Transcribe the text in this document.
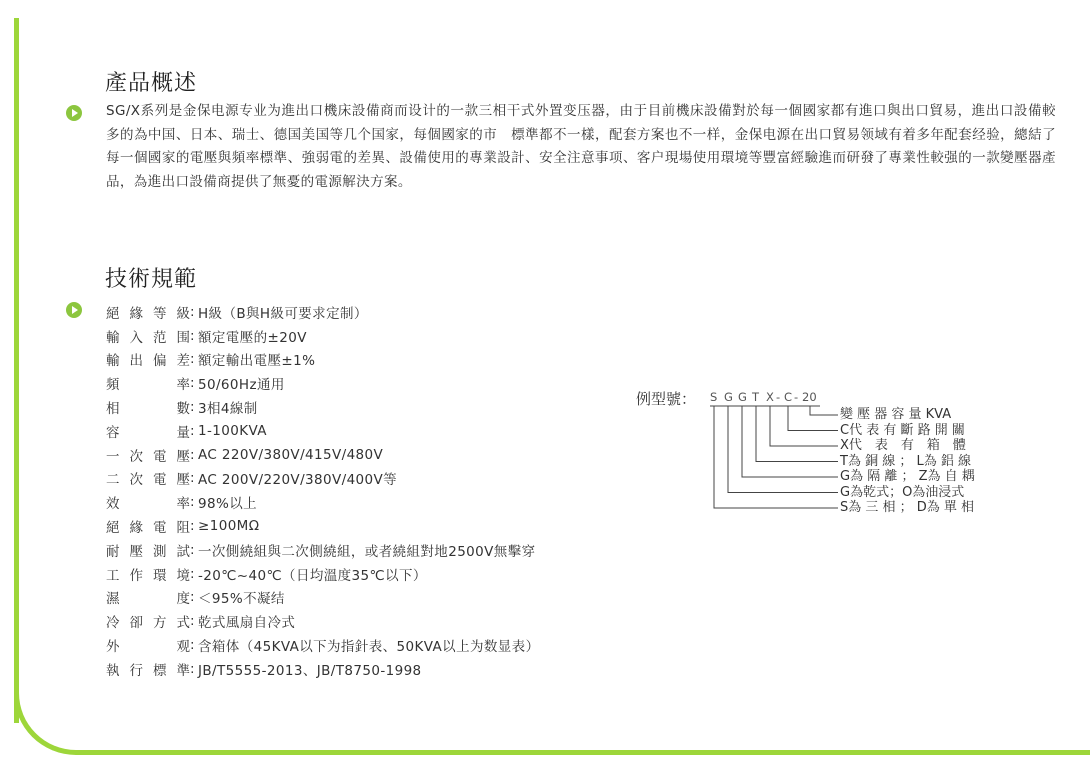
產品概述
SG/X系列是金保电源专业为進出口機床設備商而设计的一款三相干式外置变压器，由于目前機床設備對於每一個國家都有進口與出口貿易，進出口設備較多的為中国、日本、瑞士、德国美国等几个国家，每個國家的市　標準都不一樣，配套方案也不一样，金保电源在出口貿易领域有着多年配套经验，總結了每一個國家的電壓與頻率標準、強弱電的差異、設備使用的專業設計、安全注意事项、客户現場使用環境等豐富經驗進而研發了專業性較强的一款變壓器產品，為進出口設備商提供了無憂的電源解決方案。
技術規範
絕 緣 等 級 : H級（B與H級可要求定制）
輸 入 范 围 : 額定電壓的±20V
輸 出 偏 差 : 額定輸出電壓±1%
頻	率 : 50/60Hz通用
相	數 : 3相4線制
容	量 : 1-100KVA
一 次 電 壓 : AC 220V/380V/415V/480V
二 次 電 壓 : AC 200V/220V/380V/400V等
效	率 : 98%以上
絕 緣 電 阻 : ≥100MΩ
耐 壓 測 試 : 一次側繞組與二次側繞組，或者繞組對地2500V無擊穿
工 作 環 境 : -20℃~40℃（日均溫度35℃以下）
濕	度 : ＜95%不凝结
冷 卻 方 式 : 乾式風扇自冷式
外	观 : 含箱体（45KVA以下为指針表、50KVA以上为数显表）
執 行 標 準 : JB/T5555-2013、JB/T8750-1998
例型號： S G G T X - C - 20
變 壓 器 容 量 KVA
C代 表 有 斷 路 開 關
X代　表　有　箱　體
T為 銅 線 ； L為 鋁 線
G為 隔 離 ； Z為 自 耦
G為乾式；O為油浸式
S為 三 相 ； D為 單 相
